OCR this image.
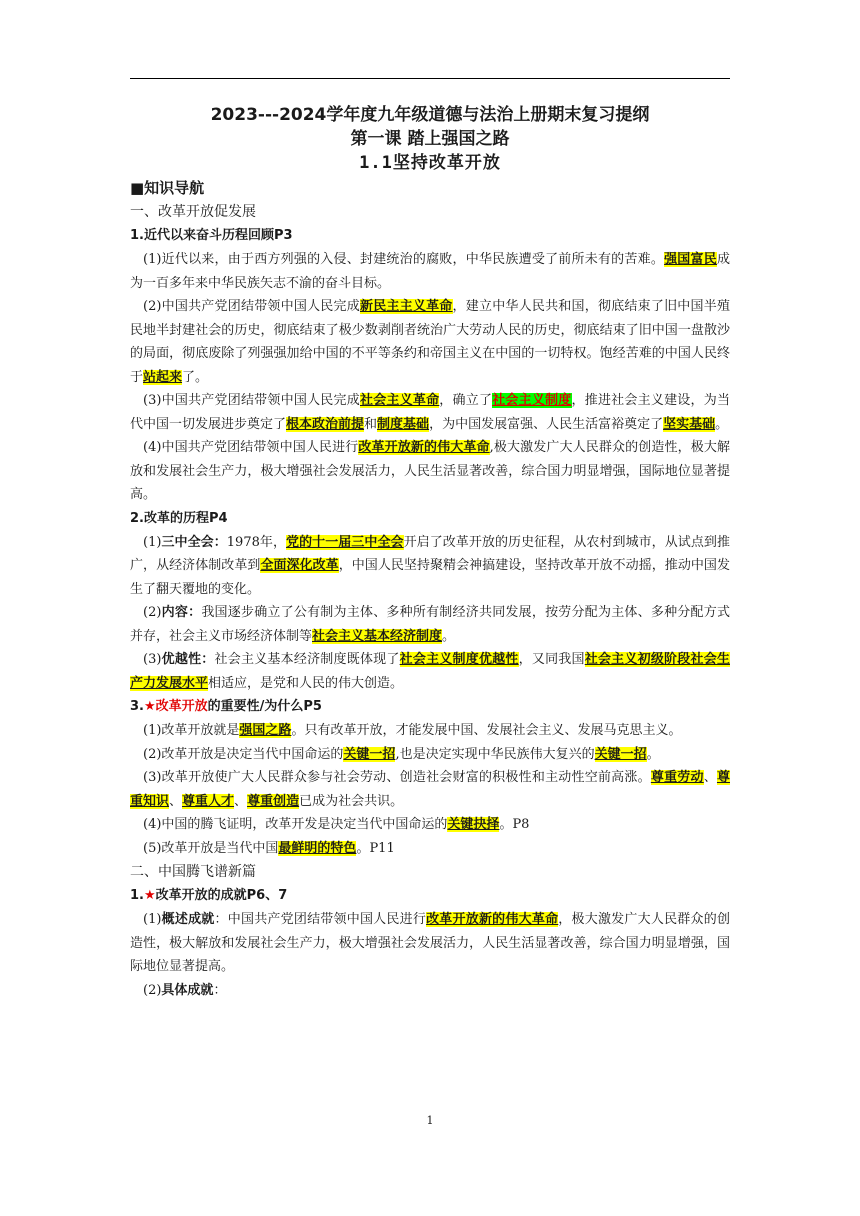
2023---2024学年度九年级道德与法治上册期末复习提纲
第一课 踏上强国之路
1.1坚持改革开放
■知识导航
一、改革开放促发展
1.近代以来奋斗历程回顾P3
(1)近代以来，由于西方列强的入侵、封建统治的腐败，中华民族遭受了前所未有的苦难。强国富民成为一百多年来中华民族矢志不渝的奋斗目标。
(2)中国共产党团结带领中国人民完成新民主主义革命，建立中华人民共和国，彻底结束了旧中国半殖民地半封建社会的历史，彻底结束了极少数剥削者统治广大劳动人民的历史，彻底结束了旧中国一盘散沙的局面，彻底废除了列强强加给中国的不平等条约和帝国主义在中国的一切特权。饱经苦难的中国人民终于站起来了。
(3)中国共产党团结带领中国人民完成社会主义革命，确立了社会主义制度，推进社会主义建设，为当代中国一切发展进步奠定了根本政治前提和制度基础，为中国发展富强、人民生活富裕奠定了坚实基础。
(4)中国共产党团结带领中国人民进行改革开放新的伟大革命,极大激发广大人民群众的创造性，极大解放和发展社会生产力，极大增强社会发展活力，人民生活显著改善，综合国力明显增强，国际地位显著提高。
2.改革的历程P4
(1)三中全会：1978年，党的十一届三中全会开启了改革开放的历史征程，从农村到城市，从试点到推广，从经济体制改革到全面深化改革，中国人民坚持聚精会神搞建设，坚持改革开放不动摇，推动中国发生了翻天覆地的变化。
(2)内容：我国逐步确立了公有制为主体、多种所有制经济共同发展，按劳分配为主体、多种分配方式并存，社会主义市场经济体制等社会主义基本经济制度。
(3)优越性：社会主义基本经济制度既体现了社会主义制度优越性，又同我国社会主义初级阶段社会生产力发展水平相适应，是党和人民的伟大创造。
3.★改革开放的重要性/为什么P5
(1)改革开放就是强国之路。只有改革开放，才能发展中国、发展社会主义、发展马克思主义。
(2)改革开放是决定当代中国命运的关键一招,也是决定实现中华民族伟大复兴的关键一招。
(3)改革开放使广大人民群众参与社会劳动、创造社会财富的积极性和主动性空前高涨。尊重劳动、尊重知识、尊重人才、尊重创造已成为社会共识。
(4)中国的腾飞证明，改革开发是决定当代中国命运的关键抉择。P8
(5)改革开放是当代中国最鲜明的特色。P11
二、中国腾飞谱新篇
1.★改革开放的成就P6、7
(1)概述成就：中国共产党团结带领中国人民进行改革开放新的伟大革命，极大激发广大人民群众的创造性，极大解放和发展社会生产力，极大增强社会发展活力，人民生活显著改善，综合国力明显增强，国际地位显著提高。
(2)具体成就：
1
